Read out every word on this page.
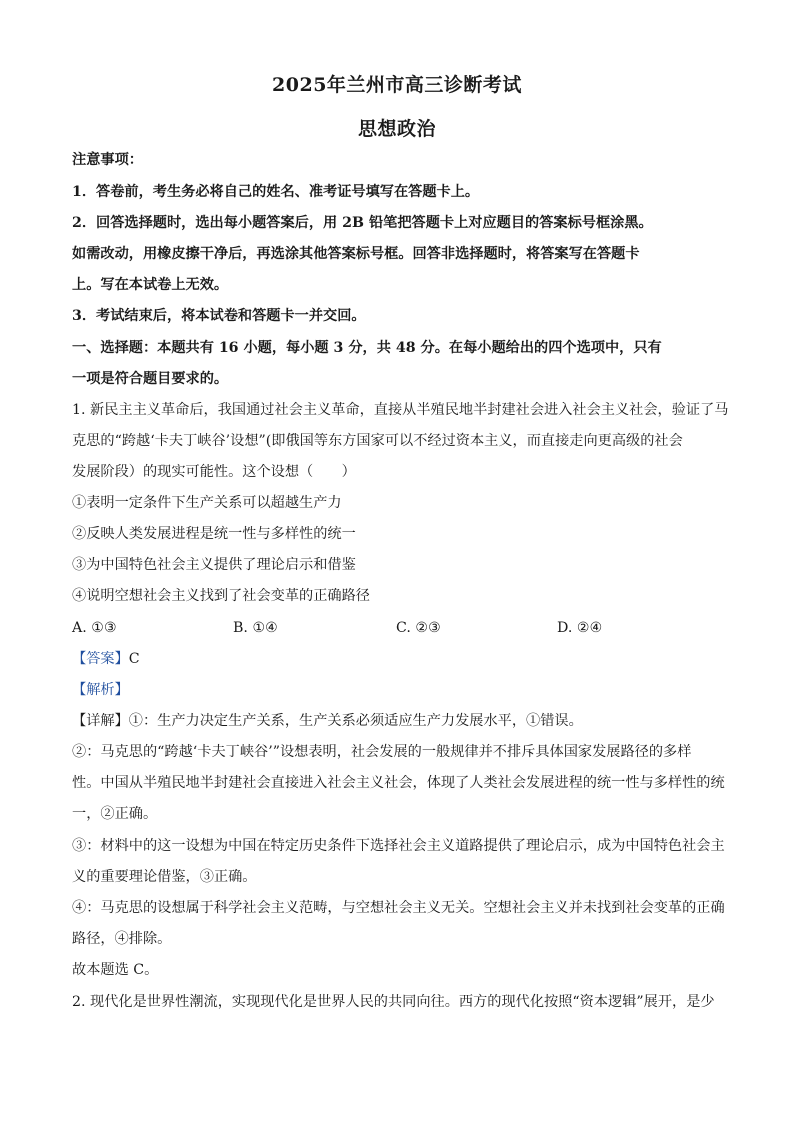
2025年兰州市高三诊断考试
思想政治
注意事项：
1．答卷前，考生务必将自己的姓名、准考证号填写在答题卡上。
2．回答选择题时，选出每小题答案后，用 2B 铅笔把答题卡上对应题目的答案标号框涂黑。
如需改动，用橡皮擦干净后，再选涂其他答案标号框。回答非选择题时，将答案写在答题卡
上。写在本试卷上无效。
3．考试结束后，将本试卷和答题卡一并交回。
一、选择题：本题共有 16 小题，每小题 3 分，共 48 分。在每小题给出的四个选项中，只有
一项是符合题目要求的。
1. 新民主主义革命后，我国通过社会主义革命，直接从半殖民地半封建社会进入社会主义社会，验证了马
克思的“跨越‘卡夫丁峡谷’设想”(即俄国等东方国家可以不经过资本主义，而直接走向更高级的社会
发展阶段）的现实可能性。这个设想（　　）
①表明一定条件下生产关系可以超越生产力
②反映人类发展进程是统一性与多样性的统一
③为中国特色社会主义提供了理论启示和借鉴
④说明空想社会主义找到了社会变革的正确路径
A. ①③	B. ①④	C. ②③	D. ②④
【答案】C
【解析】
【详解】①：生产力决定生产关系，生产关系必须适应生产力发展水平，①错误。
②：马克思的“跨越‘卡夫丁峡谷’”设想表明，社会发展的一般规律并不排斥具体国家发展路径的多样
性。中国从半殖民地半封建社会直接进入社会主义社会，体现了人类社会发展进程的统一性与多样性的统
一，②正确。
③：材料中的这一设想为中国在特定历史条件下选择社会主义道路提供了理论启示，成为中国特色社会主
义的重要理论借鉴，③正确。
④：马克思的设想属于科学社会主义范畴，与空想社会主义无关。空想社会主义并未找到社会变革的正确
路径，④排除。
故本题选 C。
2. 现代化是世界性潮流，实现现代化是世界人民的共同向往。西方的现代化按照“资本逻辑”展开，是少
